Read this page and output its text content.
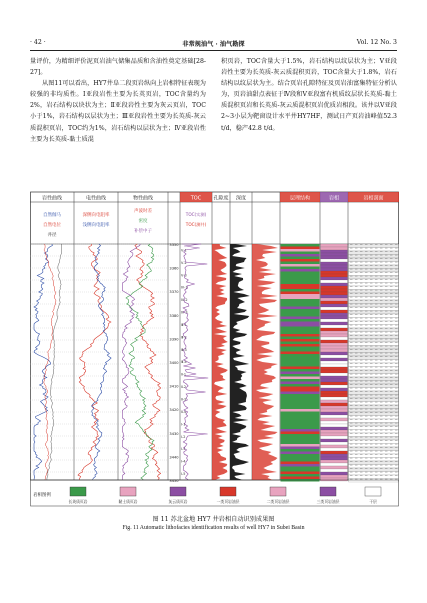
· 42 ·	非常规油气 · 油气勘探	Vol. 12 No. 3

量评价，为精细评价泥页岩油气储集品质和含油性奠定基础[28-27]。

从图11可以看出，HY7井阜二段页岩纵向上岩相特征表现为较强的非均质性。Ⅰ亚段岩性主要为长英页岩，TOC含量约为2%，岩石结构以块状为主；Ⅱ亚段岩性主要为灰云页岩，TOC小于1%，岩石结构以层状为主；Ⅲ亚段岩性主要为长英质-灰云质混积页岩，TOC约为1%，岩石结构以层状为主；Ⅳ亚段岩性主要为长英质-黏土质混

积页岩，TOC含量大于1.5%，岩石结构以纹层状为主；Ⅴ亚段岩性主要为长英质-灰云质混积页岩，TOC含量大于1.8%，岩石结构以纹层状为主。结合页岩孔隙特征及页岩油富集特征分析认为，页岩油甜点表征于Ⅳ段和Ⅴ亚段富有机质纹层状长英质-黏土质混积页岩和长英质-灰云质混积页岩优质岩相段。该井以Ⅴ亚段2~3小层为靶窗设计水平井HY7HF，测试日产页岩油峰值52.3 t/d，稳产42.8 t/d。

岩性曲线	电性曲线	物性曲线	TOC 孔隙度 深度	层理结构	岩相	岩相剖面
自然伽马
自然电位
井径
深侧向电阻率
浅侧向电阻率
声波时差
密度
补偿中子
TOC(实测)
TOC(测井)
3350
3360
3370
3380
3390
3400
3410
3420
3430
3440
3450
Ⅴ-1
Ⅴ-2
Ⅴ-3
Ⅳ-1
Ⅳ-2
Ⅳ-3
Ⅲ-1
Ⅲ-2
Ⅲ-3
Ⅲ-4
Ⅱ-1
Ⅱ-2
Ⅱ-3
Ⅱ-4
Ⅰ-1
Ⅰ-2
Ⅰ-3
Ⅰ-4
Ⅰ-5
岩相图例
长英质页岩	黏土质页岩	灰云质页岩	一类页岩油层	二类页岩油层	三类页岩油层	干层
图 11 苏北盆地 HY7 井岩相自动识别成果图
Fig. 11 Automatic lithofacies identification results of well HY7 in Subei Basin
